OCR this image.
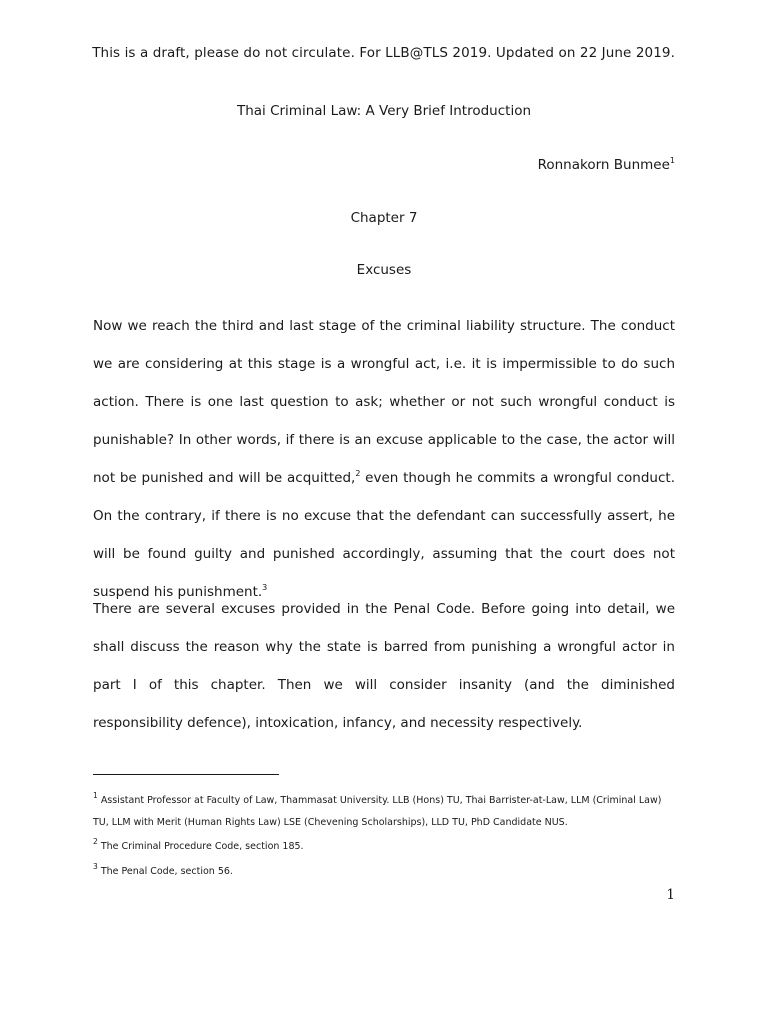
This is a draft, please do not circulate. For LLB@TLS 2019. Updated on 22 June 2019.
Thai Criminal Law: A Very Brief Introduction
Ronnakorn Bunmee$^1$
Chapter 7
Excuses
Now we reach the third and last stage of the criminal liability structure. The conduct we are considering at this stage is a wrongful act, i.e. it is impermissible to do such action. There is one last question to ask; whether or not such wrongful conduct is punishable? In other words, if there is an excuse applicable to the case, the actor will not be punished and will be acquitted,$^2$ even though he commits a wrongful conduct. On the contrary, if there is no excuse that the defendant can successfully assert, he will be found guilty and punished accordingly, assuming that the court does not suspend his punishment.$^3$
There are several excuses provided in the Penal Code. Before going into detail, we shall discuss the reason why the state is barred from punishing a wrongful actor in part I of this chapter. Then we will consider insanity (and the diminished responsibility defence), intoxication, infancy, and necessity respectively.
$^1$ Assistant Professor at Faculty of Law, Thammasat University. LLB (Hons) TU, Thai Barrister-at-Law, LLM (Criminal Law) TU, LLM with Merit (Human Rights Law) LSE (Chevening Scholarships), LLD TU, PhD Candidate NUS.
$^2$ The Criminal Procedure Code, section 185.
$^3$ The Penal Code, section 56.
1
